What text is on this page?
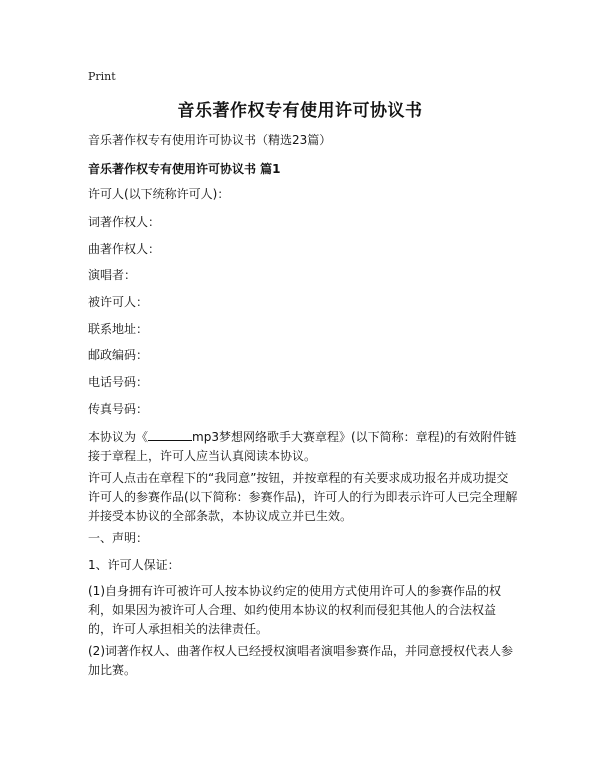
Print
音乐著作权专有使用许可协议书
音乐著作权专有使用许可协议书（精选23篇）
音乐著作权专有使用许可协议书 篇1
许可人(以下统称许可人)：
词著作权人：
曲著作权人：
演唱者：
被许可人：
联系地址：
邮政编码：
电话号码：
传真号码：
本协议为《	mp3梦想网络歌手大赛章程》(以下简称：章程)的有效附件链接于章程上，许可人应当认真阅读本协议。
许可人点击在章程下的“我同意”按钮，并按章程的有关要求成功报名并成功提交许可人的参赛作品(以下简称：参赛作品)，许可人的行为即表示许可人已完全理解并接受本协议的全部条款，本协议成立并已生效。
一、声明：
1、许可人保证：
(1)自身拥有许可被许可人按本协议约定的使用方式使用许可人的参赛作品的权利，如果因为被许可人合理、如约使用本协议的权利而侵犯其他人的合法权益的，许可人承担相关的法律责任。
(2)词著作权人、曲著作权人已经授权演唱者演唱参赛作品，并同意授权代表人参加比赛。
